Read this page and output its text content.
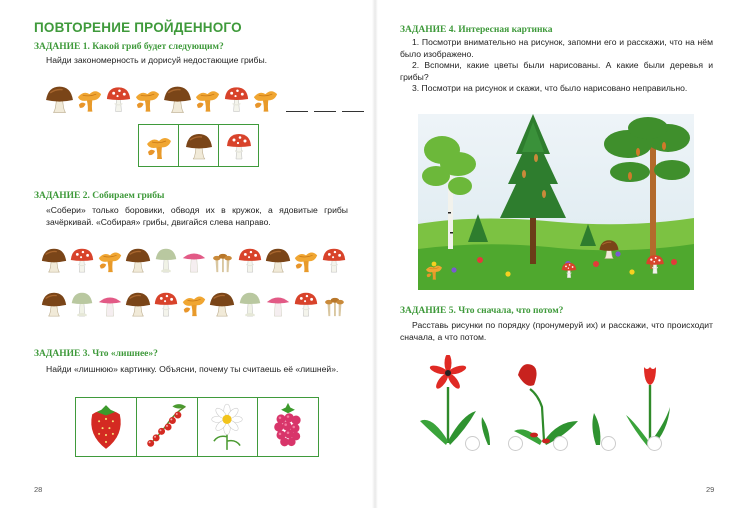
ПОВТОРЕНИЕ ПРОЙДЕННОГО
ЗАДАНИЕ 1. Какой гриб будет следующим?
Найди закономерность и дорисуй недостающие грибы.
ЗАДАНИЕ 2. Собираем грибы
«Собери» только боровики, обводя их в кружок, а ядовитые грибы зачёркивай. «Собирая» грибы, двигайся слева направо.
ЗАДАНИЕ 3. Что «лишнее»?
Найди «лишнюю» картинку. Объясни, почему ты считаешь её «лишней».
28
ЗАДАНИЕ 4. Интересная картинка

1. Посмотри внимательно на рисунок, запомни его и расскажи, что на нём было изображено.

2. Вспомни, какие цветы были нарисованы. А какие были деревья и грибы?

3. Посмотри на рисунок и скажи, что было нарисовано неправильно.

ЗАДАНИЕ 5. Что сначала, что потом?
Расставь рисунки по порядку (пронумеруй их) и расскажи, что происходит сначала, а что потом.
29
